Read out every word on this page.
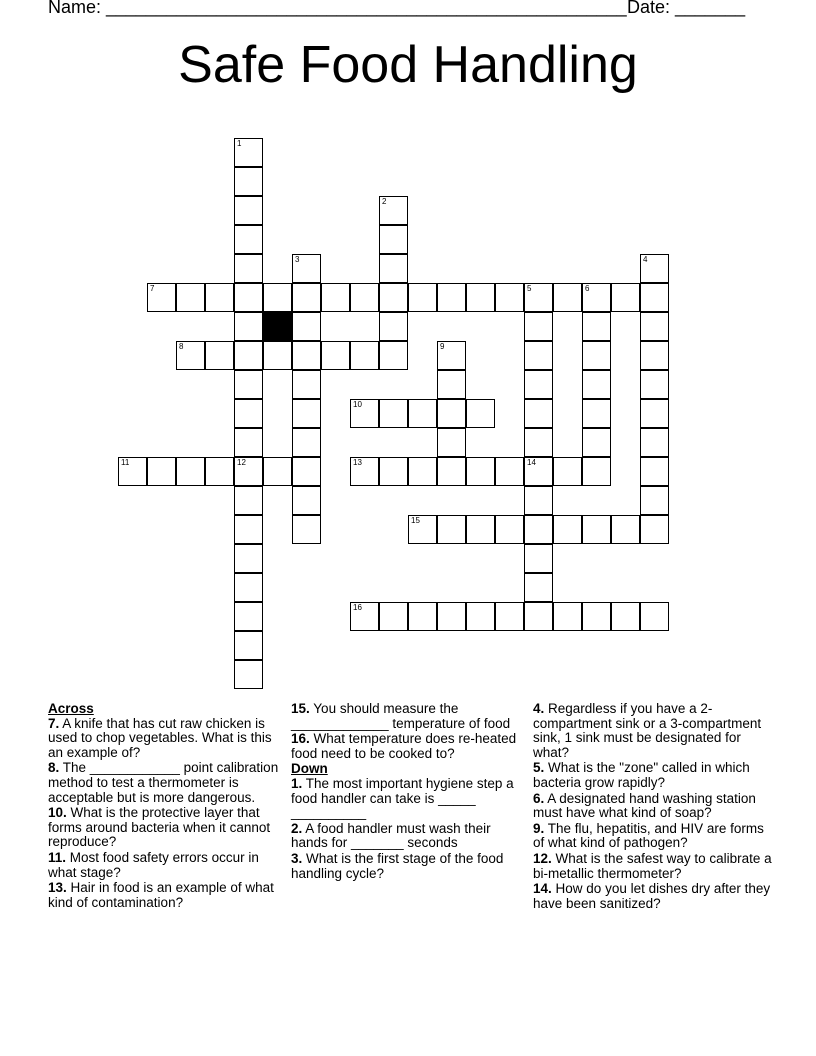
Name: ____________________________________________________ Date: _______
Safe Food Handling
7	5	6
8
10
11	12	13	14
15
16
1
2
3	4
9
Across
7. A knife that has cut raw chicken is used to chop vegetables. What is this an example of?
8. The ____________ point calibration method to test a thermometer is acceptable but is more dangerous.
10. What is the protective layer that forms around bacteria when it cannot reproduce?
11. Most food safety errors occur in what stage?
13. Hair in food is an example of what kind of contamination?
15. You should measure the _____________ temperature of food
16. What temperature does re-heated food need to be cooked to?
Down
1. The most important hygiene step a food handler can take is _____ __________
2. A food handler must wash their hands for _______ seconds
3. What is the first stage of the food handling cycle?
4. Regardless if you have a 2-compartment sink or a 3-compartment sink, 1 sink must be designated for what?
5. What is the "zone" called in which bacteria grow rapidly?
6. A designated hand washing station must have what kind of soap?
9. The flu, hepatitis, and HIV are forms of what kind of pathogen?
12. What is the safest way to calibrate a bi-metallic thermometer?
14. How do you let dishes dry after they have been sanitized?
